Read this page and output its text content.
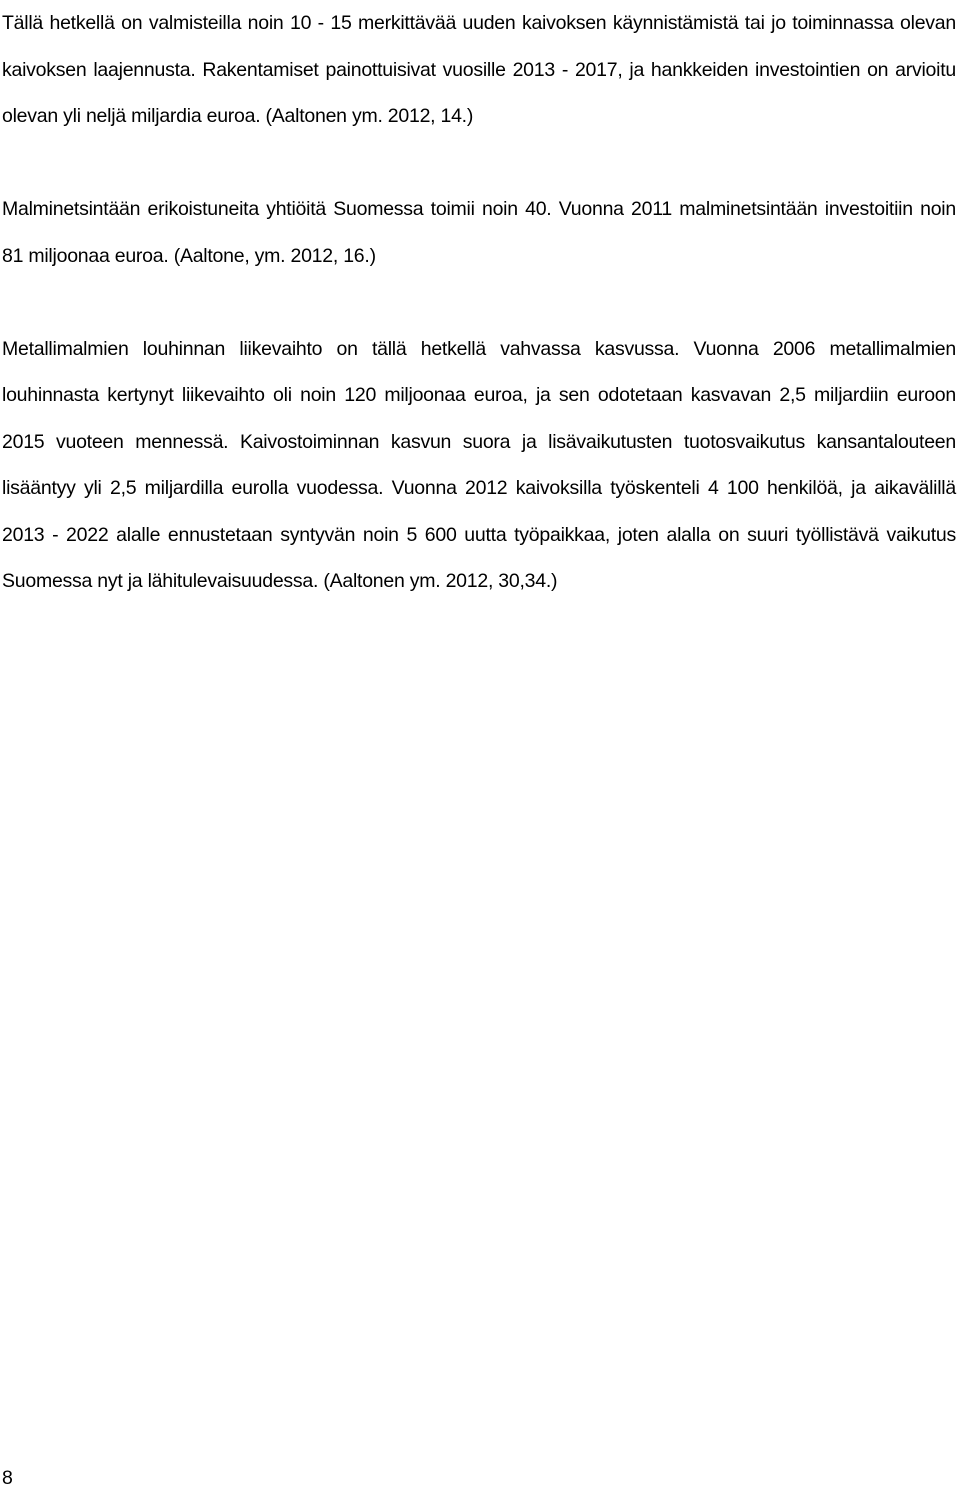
Tällä hetkellä on valmisteilla noin 10 - 15 merkittävää uuden kaivoksen käynnistämistä tai jo toiminnassa olevan kaivoksen laajennusta. Rakentamiset painottuisivat vuosille 2013 - 2017, ja hankkeiden investointien on arvioitu olevan yli neljä miljardia euroa. (Aaltonen ym. 2012, 14.)

Malminetsintään erikoistuneita yhtiöitä Suomessa toimii noin 40. Vuonna 2011 malminetsintään investoitiin noin 81 miljoonaa euroa. (Aaltone, ym. 2012, 16.)

Metallimalmien louhinnan liikevaihto on tällä hetkellä vahvassa kasvussa. Vuonna 2006 metallimalmien louhinnasta kertynyt liikevaihto oli noin 120 miljoonaa euroa, ja sen odotetaan kasvavan 2,5 miljardiin euroon 2015 vuoteen mennessä. Kaivostoiminnan kasvun suora ja lisävaikutusten tuotosvaikutus kansantalouteen lisääntyy yli 2,5 miljardilla eurolla vuodessa. Vuonna 2012 kaivoksilla työskenteli 4 100 henkilöä, ja aikavälillä 2013 - 2022 alalle ennustetaan syntyvän noin 5 600 uutta työpaikkaa, joten alalla on suuri työllistävä vaikutus Suomessa nyt ja lähitulevaisuudessa. (Aaltonen ym. 2012, 30,34.)

8
